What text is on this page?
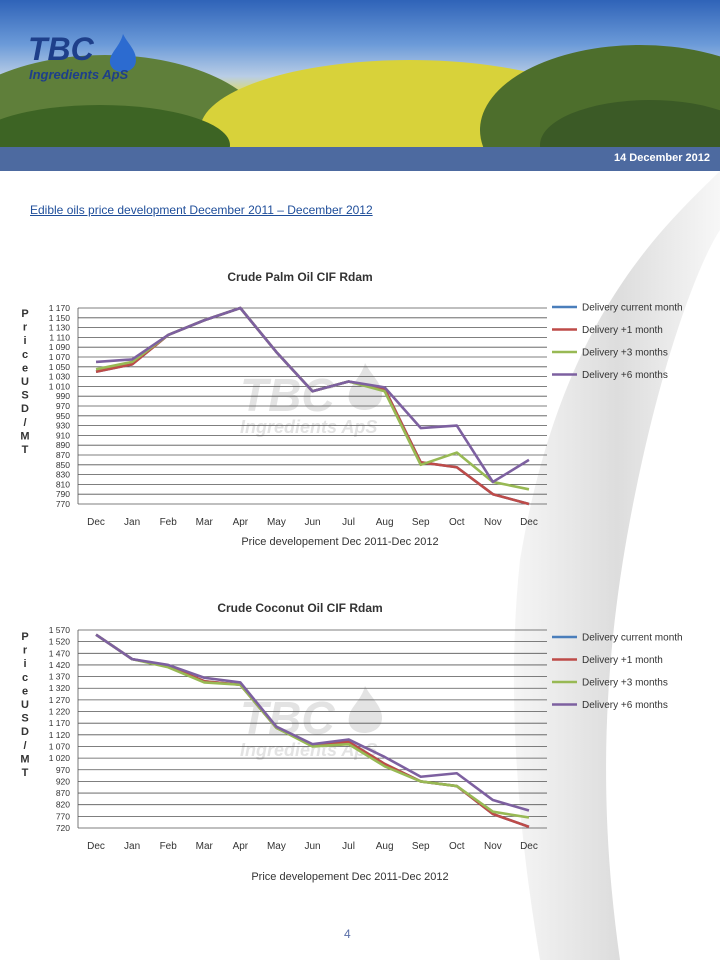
TBC
Ingredients ApS
14 December 2012
Edible oils price development December 2011 – December 2012
Crude Palm Oil CIF Rdam
P
r
i
c
e
U
S
D
/
M
T
TBC
Ingredients ApS
1 170
1 150
1 130
1 110
1 090
1 070
1 050
1 030
1 010
990
970
950
930
910
890
870
850
830
810
790
770
Dec Jan Feb Mar Apr May Jun Jul Aug Sep Oct Nov Dec
Delivery current month
Delivery +1 month
Delivery +3 months
Delivery +6 months
Price developement Dec 2011-Dec 2012
Crude Coconut Oil CIF Rdam
P
r
i
c
e
U
S
D
/
M
T
TBC
Ingredients ApS
1 570
1 520
1 470
1 420
1 370
1 320
1 270
1 220
1 170
1 120
1 070
1 020
970
920
870
820
770
720
Dec Jan Feb Mar Apr May Jun Jul Aug Sep Oct Nov Dec
Delivery current month
Delivery +1 month
Delivery +3 months
Delivery +6 months
Price developement Dec 2011-Dec 2012
4
